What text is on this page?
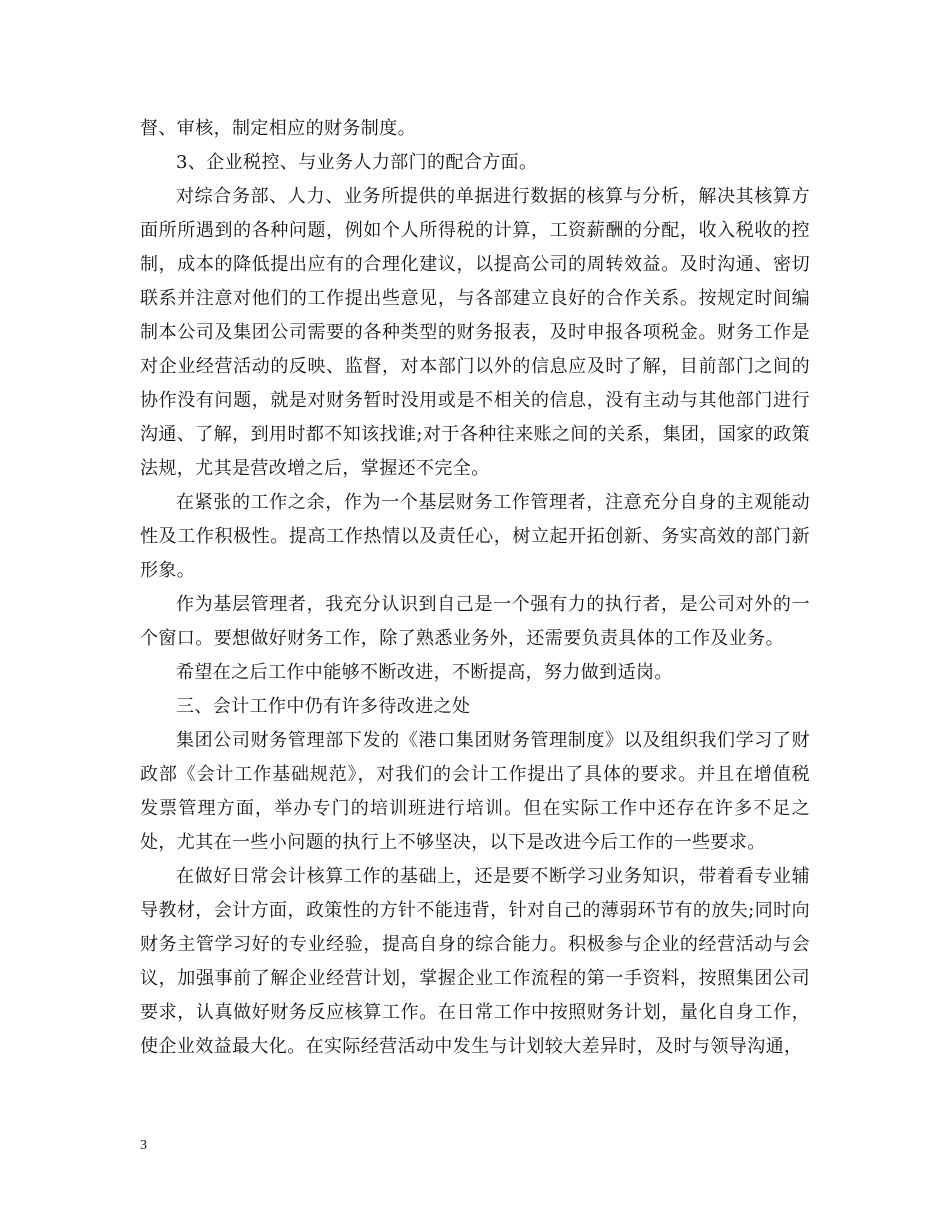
督、审核，制定相应的财务制度。

3、企业税控、与业务人力部门的配合方面。

对综合务部、人力、业务所提供的单据进行数据的核算与分析，解决其核算方面所所遇到的各种问题，例如个人所得税的计算，工资薪酬的分配，收入税收的控制，成本的降低提出应有的合理化建议，以提高公司的周转效益。及时沟通、密切联系并注意对他们的工作提出些意见，与各部建立良好的合作关系。按规定时间编制本公司及集团公司需要的各种类型的财务报表，及时申报各项税金。财务工作是对企业经营活动的反映、监督，对本部门以外的信息应及时了解，目前部门之间的协作没有问题，就是对财务暂时没用或是不相关的信息，没有主动与其他部门进行沟通、了解，到用时都不知该找谁;对于各种往来账之间的关系，集团，国家的政策法规，尤其是营改增之后，掌握还不完全。

在紧张的工作之余，作为一个基层财务工作管理者，注意充分自身的主观能动性及工作积极性。提高工作热情以及责任心，树立起开拓创新、务实高效的部门新形象。

作为基层管理者，我充分认识到自己是一个强有力的执行者，是公司对外的一个窗口。要想做好财务工作，除了熟悉业务外，还需要负责具体的工作及业务。

希望在之后工作中能够不断改进，不断提高，努力做到适岗。

三、会计工作中仍有许多待改进之处

集团公司财务管理部下发的《港口集团财务管理制度》以及组织我们学习了财政部《会计工作基础规范》，对我们的会计工作提出了具体的要求。并且在增值税发票管理方面，举办专门的培训班进行培训。但在实际工作中还存在许多不足之处，尤其在一些小问题的执行上不够坚决，以下是改进今后工作的一些要求。

在做好日常会计核算工作的基础上，还是要不断学习业务知识，带着看专业辅导教材，会计方面，政策性的方针不能违背，针对自己的薄弱环节有的放失;同时向财务主管学习好的专业经验，提高自身的综合能力。积极参与企业的经营活动与会议，加强事前了解企业经营计划，掌握企业工作流程的第一手资料，按照集团公司要求，认真做好财务反应核算工作。在日常工作中按照财务计划，量化自身工作，使企业效益最大化。在实际经营活动中发生与计划较大差异时，及时与领导沟通，

3
